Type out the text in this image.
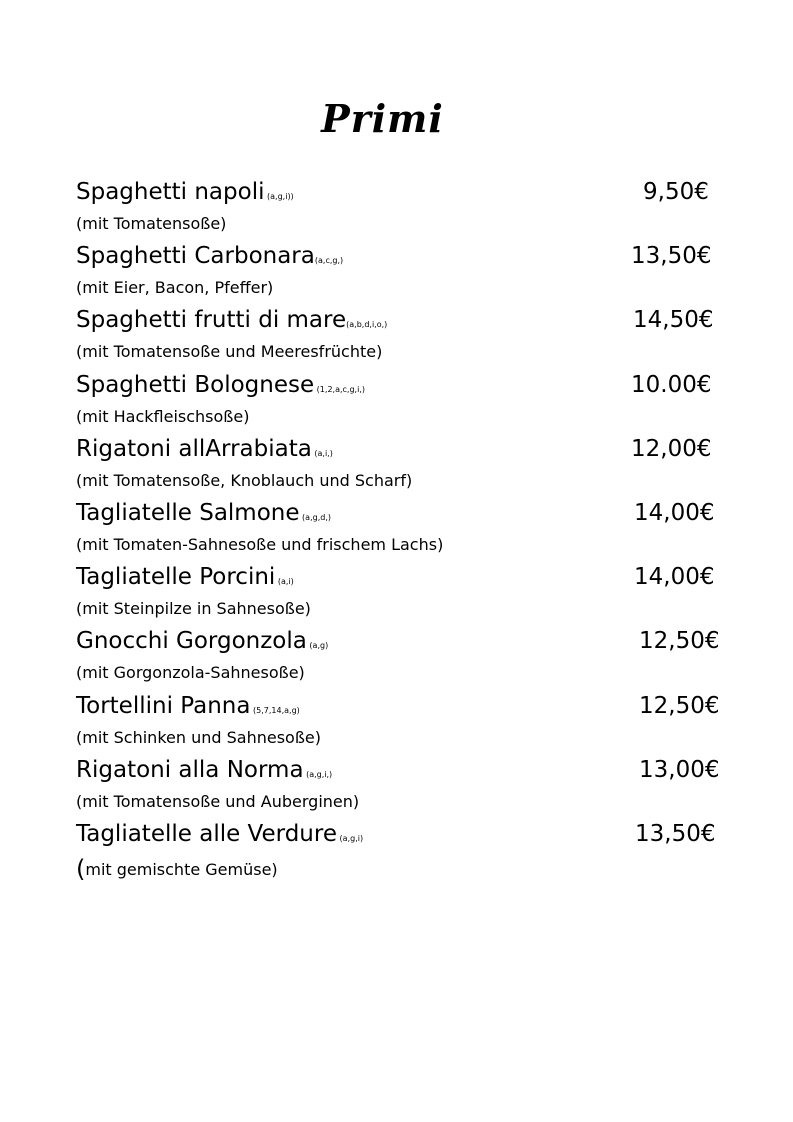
Primi
Spaghetti napoli (a,g,i))	9,50€
(mit Tomatensoße)
Spaghetti Carbonara(a,c,g,)	13,50€
(mit Eier, Bacon, Pfeffer)
Spaghetti frutti di mare(a,b,d,i,o,)	14,50€
(mit Tomatensoße und Meeresfrüchte)
Spaghetti Bolognese (1,2,a,c,g,i,)	10.00€
(mit Hackfleischsoße)
Rigatoni allArrabiata (a,i,)	12,00€
(mit Tomatensoße, Knoblauch und Scharf)
Tagliatelle Salmone (a,g,d,)	14,00€
(mit Tomaten-Sahnesoße und frischem Lachs)
Tagliatelle Porcini (a,i)	14,00€
(mit Steinpilze in Sahnesoße)
Gnocchi Gorgonzola (a,g)	12,50€
(mit Gorgonzola-Sahnesoße)
Tortellini Panna (5,7,14,a,g)	12,50€
(mit Schinken und Sahnesoße)
Rigatoni alla Norma (a,g,i,)	13,00€
(mit Tomatensoße und Auberginen)
Tagliatelle alle Verdure (a,g,i)	13,50€
(mit gemischte Gemüse)
